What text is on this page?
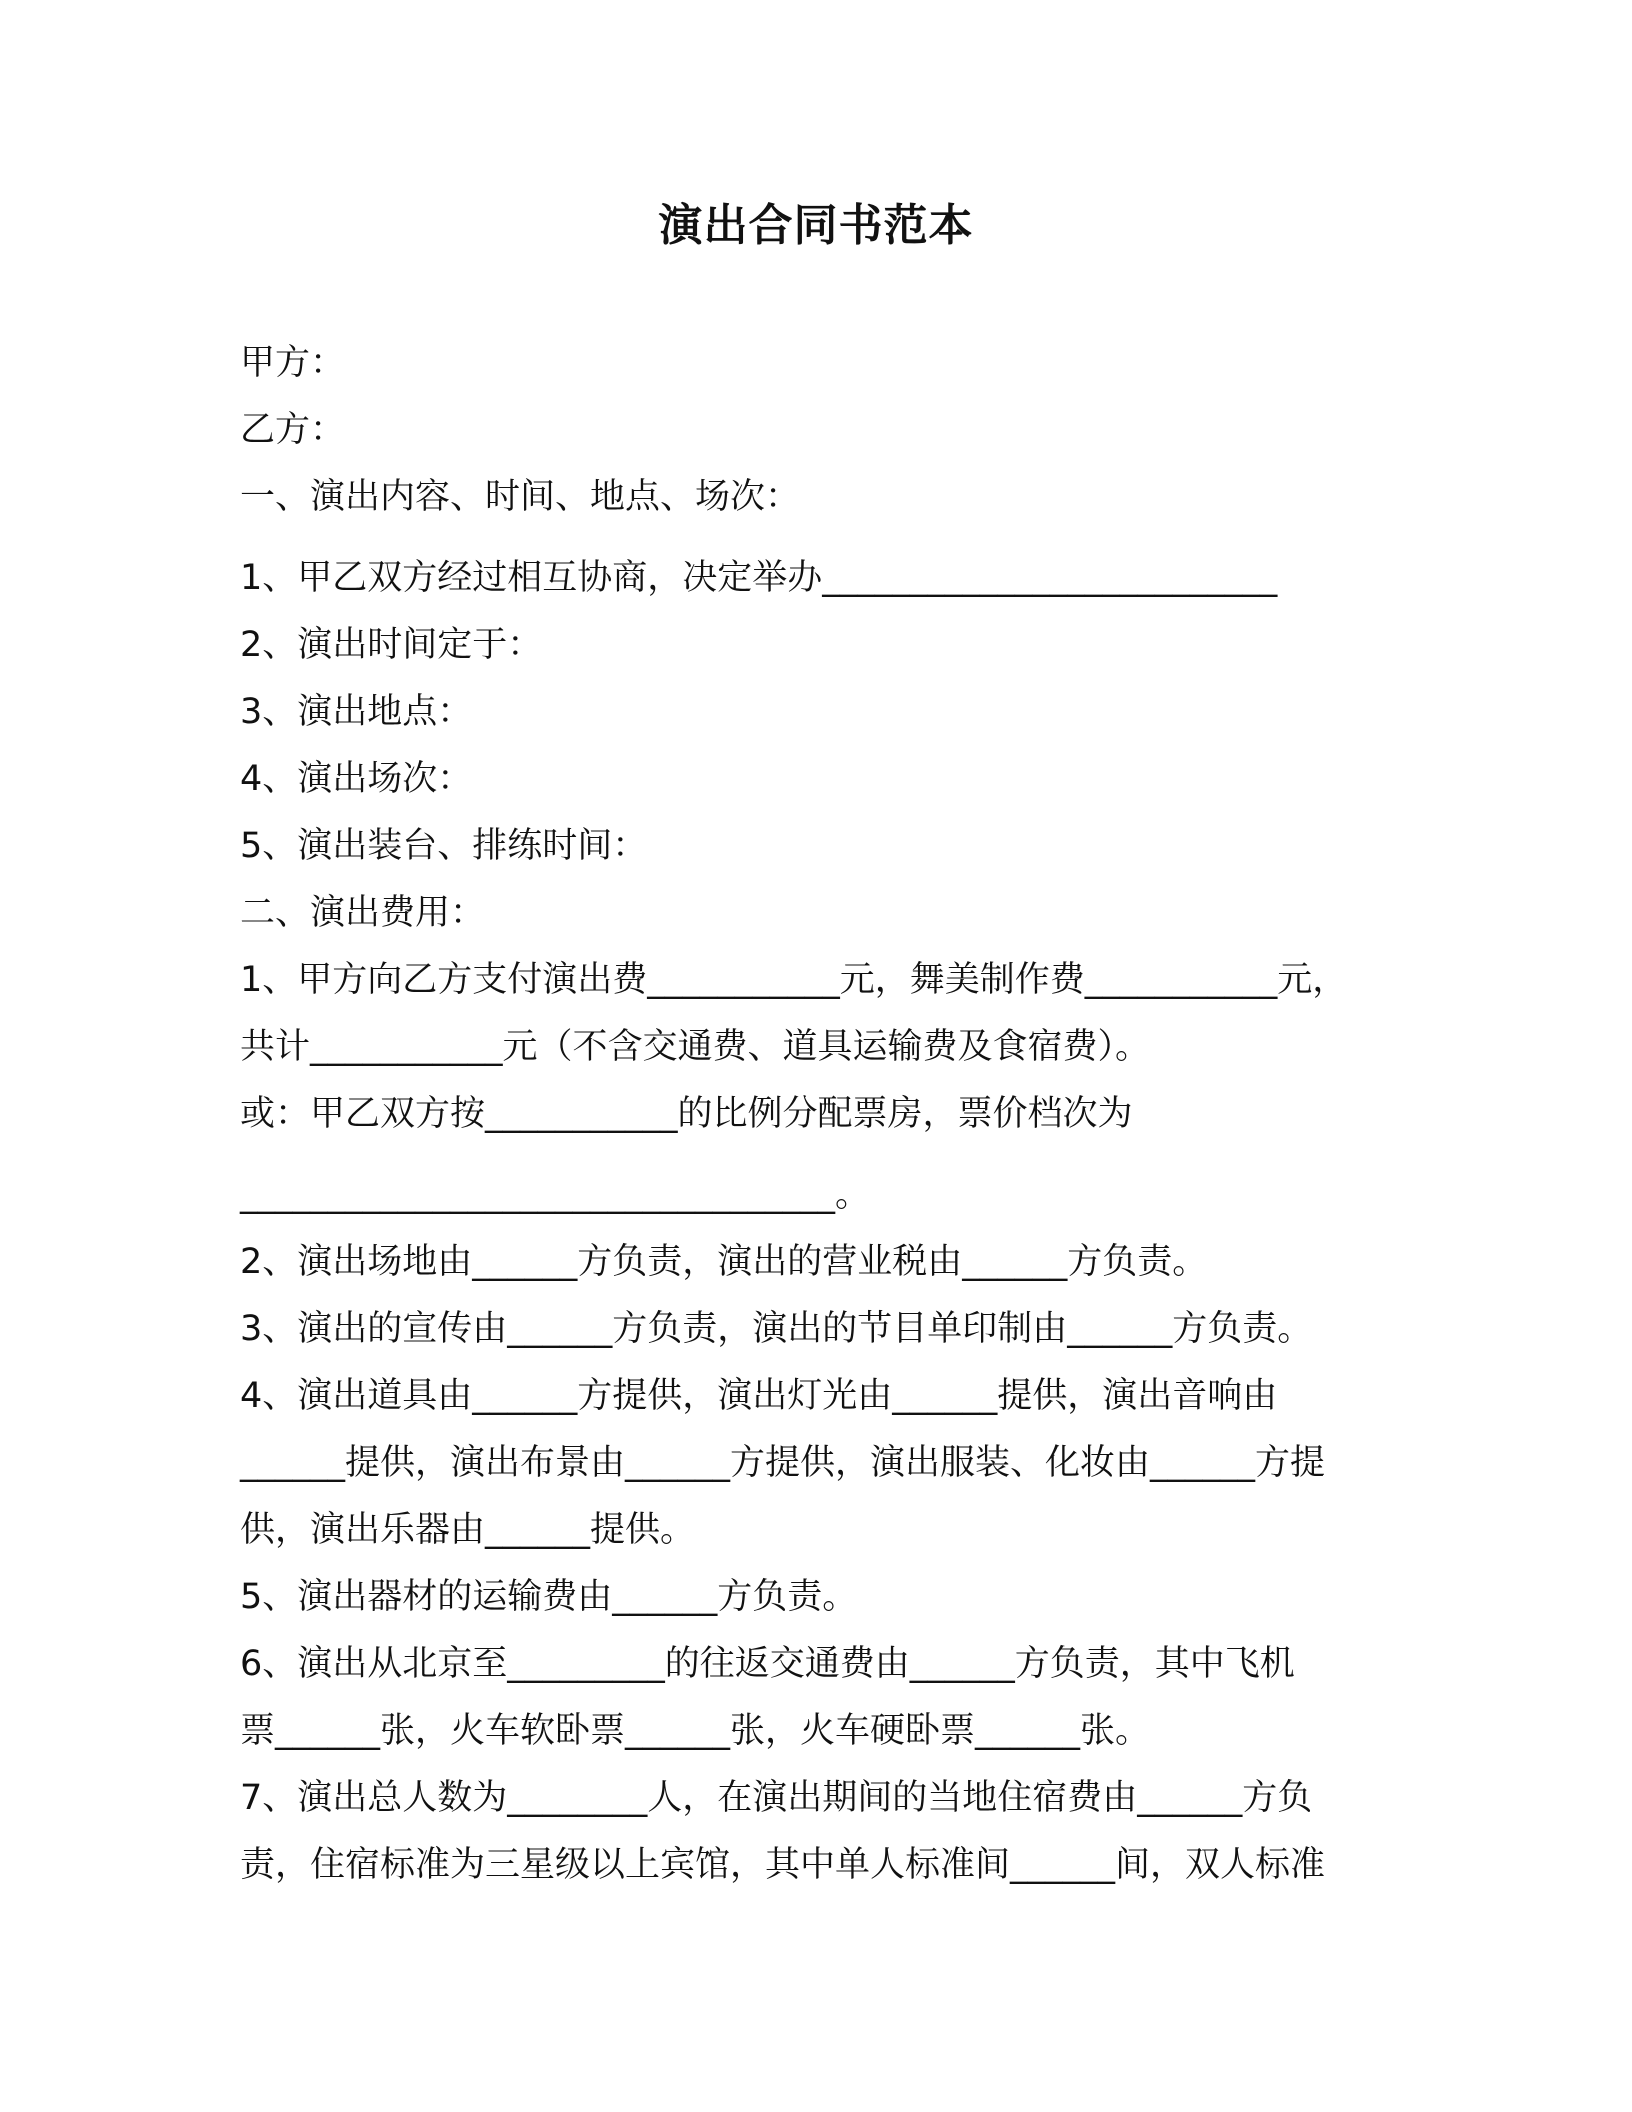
演出合同书范本
甲方：
乙方：
一、演出内容、时间、地点、场次：
1、甲乙双方经过相互协商，决定举办__________________________
2、演出时间定于：
3、演出地点：
4、演出场次：
5、演出装台、排练时间：
二、演出费用：
1、甲方向乙方支付演出费___________元，舞美制作费___________元，
共计___________元（不含交通费、道具运输费及食宿费）。
或：甲乙双方按___________的比例分配票房，票价档次为
__________________________________。
2、演出场地由______方负责，演出的营业税由______方负责。
3、演出的宣传由______方负责，演出的节目单印制由______方负责。
4、演出道具由______方提供，演出灯光由______提供，演出音响由
______提供，演出布景由______方提供，演出服装、化妆由______方提
供，演出乐器由______提供。
5、演出器材的运输费由______方负责。
6、演出从北京至_________的往返交通费由______方负责，其中飞机
票______张，火车软卧票______张，火车硬卧票______张。
7、演出总人数为________人，在演出期间的当地住宿费由______方负
责，住宿标准为三星级以上宾馆，其中单人标准间______间，双人标准
